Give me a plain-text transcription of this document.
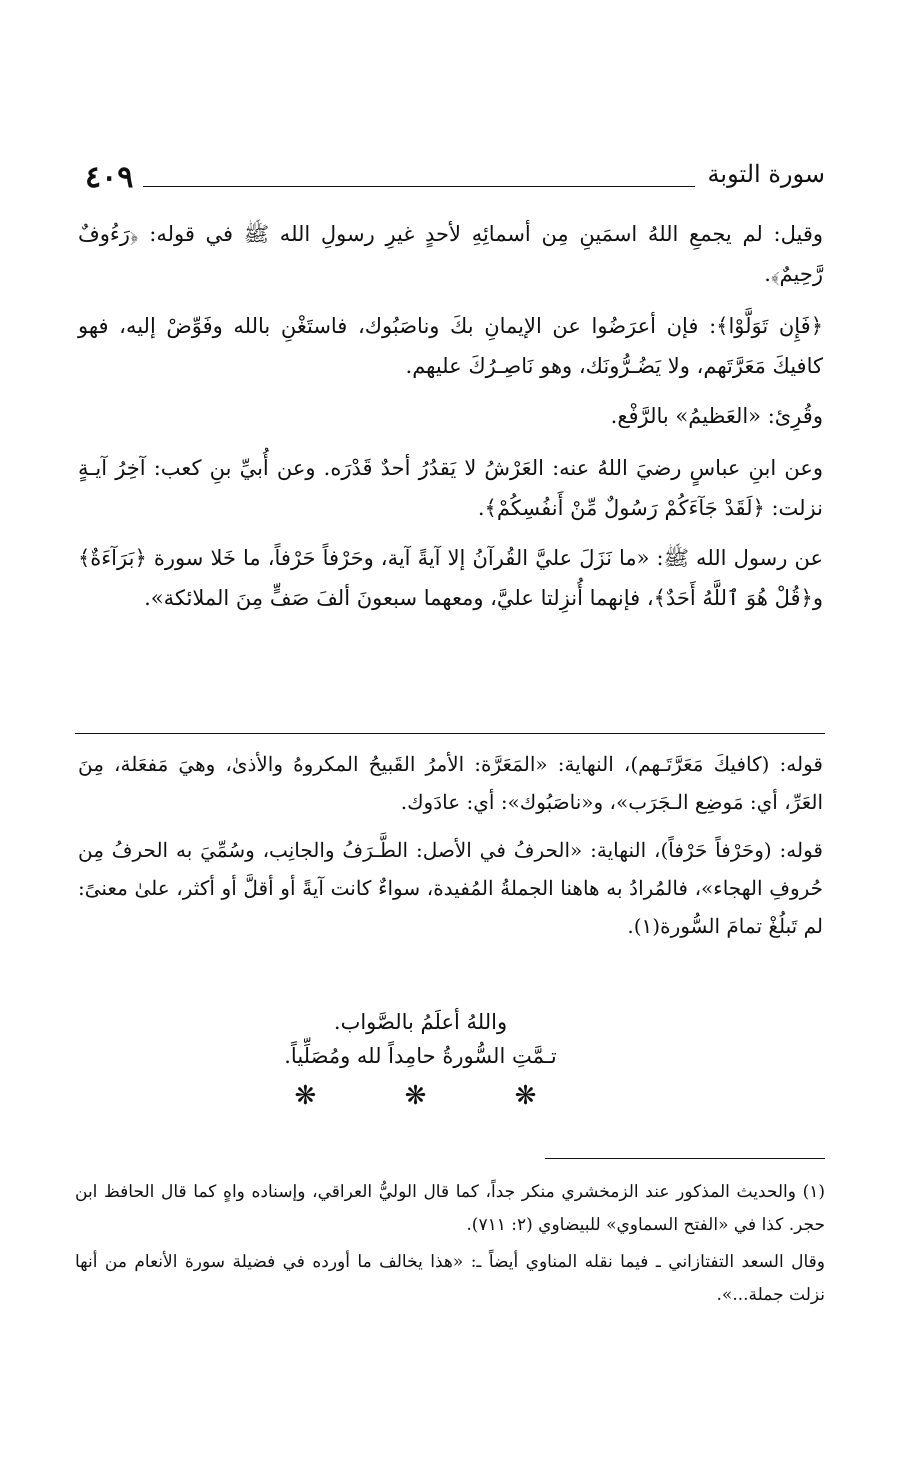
٤٠٩	سورة التوبة

وقيل: لم يجمعِ اللهُ اسمَينِ مِن أسمائِهِ لأحدٍ غيرِ رسولِ الله ﷺ في قوله: ﴿رَءُوفٌ رَّحِيمٌ﴾.

﴿فَإِن تَوَلَّوْا﴾: فإن أعرَضُوا عن الإيمانِ بكَ وناصَبُوك، فاستَغْنِ بالله وفَوِّضْ إليه، فهو كافيكَ مَعَرَّتَهم، ولا يَضُـرُّونَك، وهو نَاصِـرُكَ عليهم.

وقُرِئ: «العَظيمُ» بالرَّفْع.

وعن ابنِ عباسٍ رضيَ اللهُ عنه: العَرْشُ لا يَقدُرُ أحدٌ قَدْرَه. وعن أُبيِّ بنِ كعب: آخِرُ آيـةٍ نزلت: ﴿لَقَدْ جَآءَكُمْ رَسُولٌ مِّنْ أَنفُسِكُمْ﴾.

عن رسول الله ﷺ: «ما نَزَلَ عليَّ القُرآنُ إلا آيةً آية، وحَرْفاً حَرْفاً، ما خَلا سورة ﴿بَرَآءَةٌ﴾ و﴿قُلْ هُوَ ٱللَّهُ أَحَدٌ﴾، فإنهما أُنزِلتا عليَّ، ومعهما سبعونَ ألفَ صَفٍّ مِنَ الملائكة».

قوله: (كافيكَ مَعَرَّتَـهم)، النهاية: «المَعَرَّة: الأمرُ القَبيحُ المكروهُ والأذىٰ، وهيَ مَفعَلة، مِنَ العَرِّ، أي: مَوضِع الـجَرَب»، و«ناصَبُوك»: أي: عادَوك.

قوله: (وحَرْفاً حَرْفاً)، النهاية: «الحرفُ في الأصل: الطَّـرَفُ والجانِب، وسُمِّيَ به الحرفُ مِن حُروفِ الهجاء»، فالمُرادُ به هاهنا الجملةُ المُفيدة، سواءٌ كانت آيةً أو أقلَّ أو أكثر، علىٰ معنىً: لم تَبلُغْ تمامَ السُّورة(١).

واللهُ أعلَمُ بالصَّواب.
تـمَّتِ السُّورةُ حامِداً لله ومُصَلِّياً.
❋ ❋ ❋

(١) والحديث المذكور عند الزمخشري منكر جداً، كما قال الوليُّ العراقي، وإسناده واهٍ كما قال الحافظ ابن حجر. كذا في «الفتح السماوي» للبيضاوي (٢: ٧١١).

وقال السعد التفتازاني ـ فيما نقله المناوي أيضاً ـ: «هذا يخالف ما أورده في فضيلة سورة الأنعام من أنها نزلت جملة...».
